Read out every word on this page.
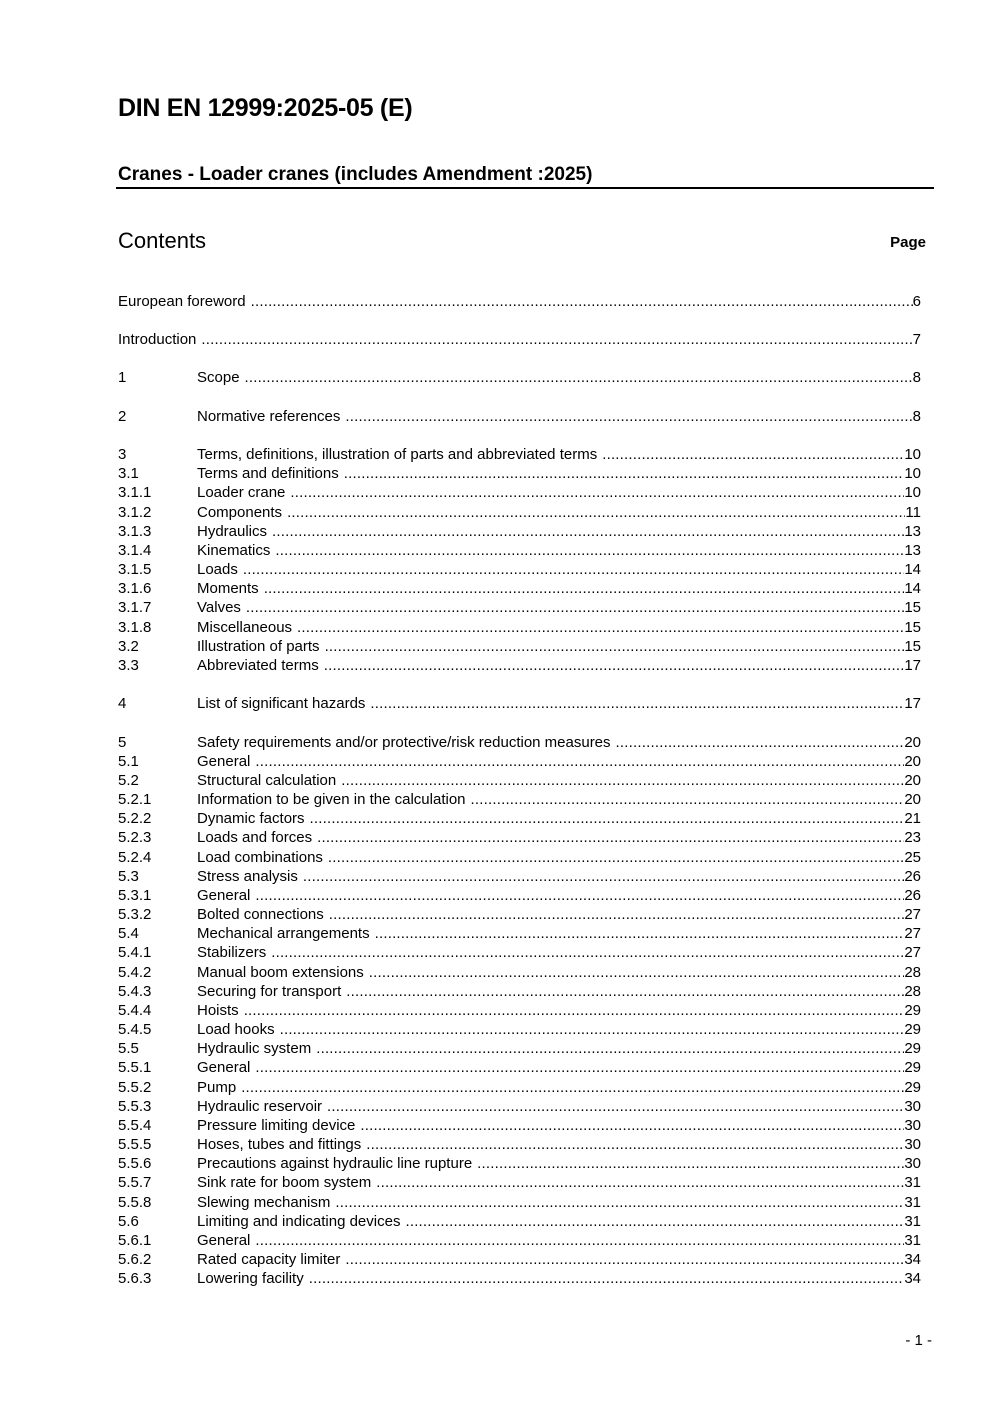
DIN EN 12999:2025-05 (E)
Cranes - Loader cranes (includes Amendment :2025)
Contents	Page
European foreword .....	6
Introduction .....	7
1	Scope .....	8
2	Normative references .....	8
3	Terms, definitions, illustration of parts and abbreviated terms .....	10
3.1	Terms and definitions .....	10
3.1.1	Loader crane .....	10
3.1.2	Components .....	11
3.1.3	Hydraulics .....	13
3.1.4	Kinematics .....	13
3.1.5	Loads .....	14
3.1.6	Moments .....	14
3.1.7	Valves .....	15
3.1.8	Miscellaneous .....	15
3.2	Illustration of parts .....	15
3.3	Abbreviated terms .....	17
4	List of significant hazards .....	17
5	Safety requirements and/or protective/risk reduction measures .....	20
5.1	General .....	20
5.2	Structural calculation .....	20
5.2.1	Information to be given in the calculation .....	20
5.2.2	Dynamic factors .....	21
5.2.3	Loads and forces .....	23
5.2.4	Load combinations .....	25
5.3	Stress analysis .....	26
5.3.1	General .....	26
5.3.2	Bolted connections .....	27
5.4	Mechanical arrangements .....	27
5.4.1	Stabilizers .....	27
5.4.2	Manual boom extensions .....	28
5.4.3	Securing for transport .....	28
5.4.4	Hoists .....	29
5.4.5	Load hooks .....	29
5.5	Hydraulic system .....	29
5.5.1	General .....	29
5.5.2	Pump .....	29
5.5.3	Hydraulic reservoir .....	30
5.5.4	Pressure limiting device .....	30
5.5.5	Hoses, tubes and fittings .....	30
5.5.6	Precautions against hydraulic line rupture .....	30
5.5.7	Sink rate for boom system .....	31
5.5.8	Slewing mechanism .....	31
5.6	Limiting and indicating devices .....	31
5.6.1	General .....	31
5.6.2	Rated capacity limiter .....	34
5.6.3	Lowering facility .....	34
- 1 -
